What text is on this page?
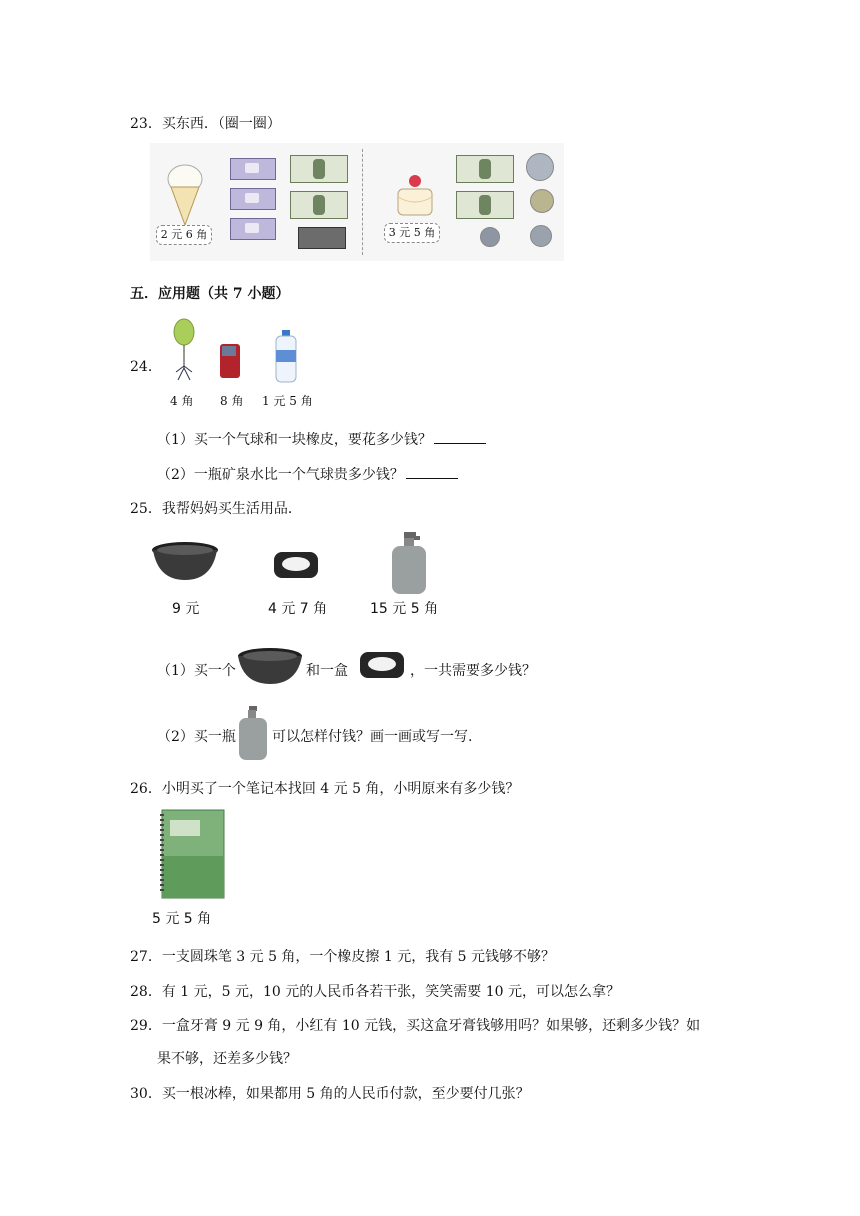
23．买东西．（圈一圈）
2 元 6 角	3 元 5 角
五．应用题（共 7 小题）
24．
4 角 8 角 1 元 5 角
（1）买一个气球和一块橡皮，要花多少钱？
（2）一瓶矿泉水比一个气球贵多少钱？
25．我帮妈妈买生活用品．
9 元	4 元 7 角	15 元 5 角
（1）买一个	和一盒	，一共需要多少钱？
（2）买一瓶	可以怎样付钱？画一画或写一写.
26．小明买了一个笔记本找回 4 元 5 角，小明原来有多少钱？
5 元 5 角
27．一支圆珠笔 3 元 5 角，一个橡皮擦 1 元，我有 5 元钱够不够？
28．有 1 元，5 元，10 元的人民币各若干张，笑笑需要 10 元，可以怎么拿？
29．一盒牙膏 9 元 9 角，小红有 10 元钱，买这盒牙膏钱够用吗？如果够，还剩多少钱？如
果不够，还差多少钱？
30．买一根冰棒，如果都用 5 角的人民币付款，至少要付几张？
